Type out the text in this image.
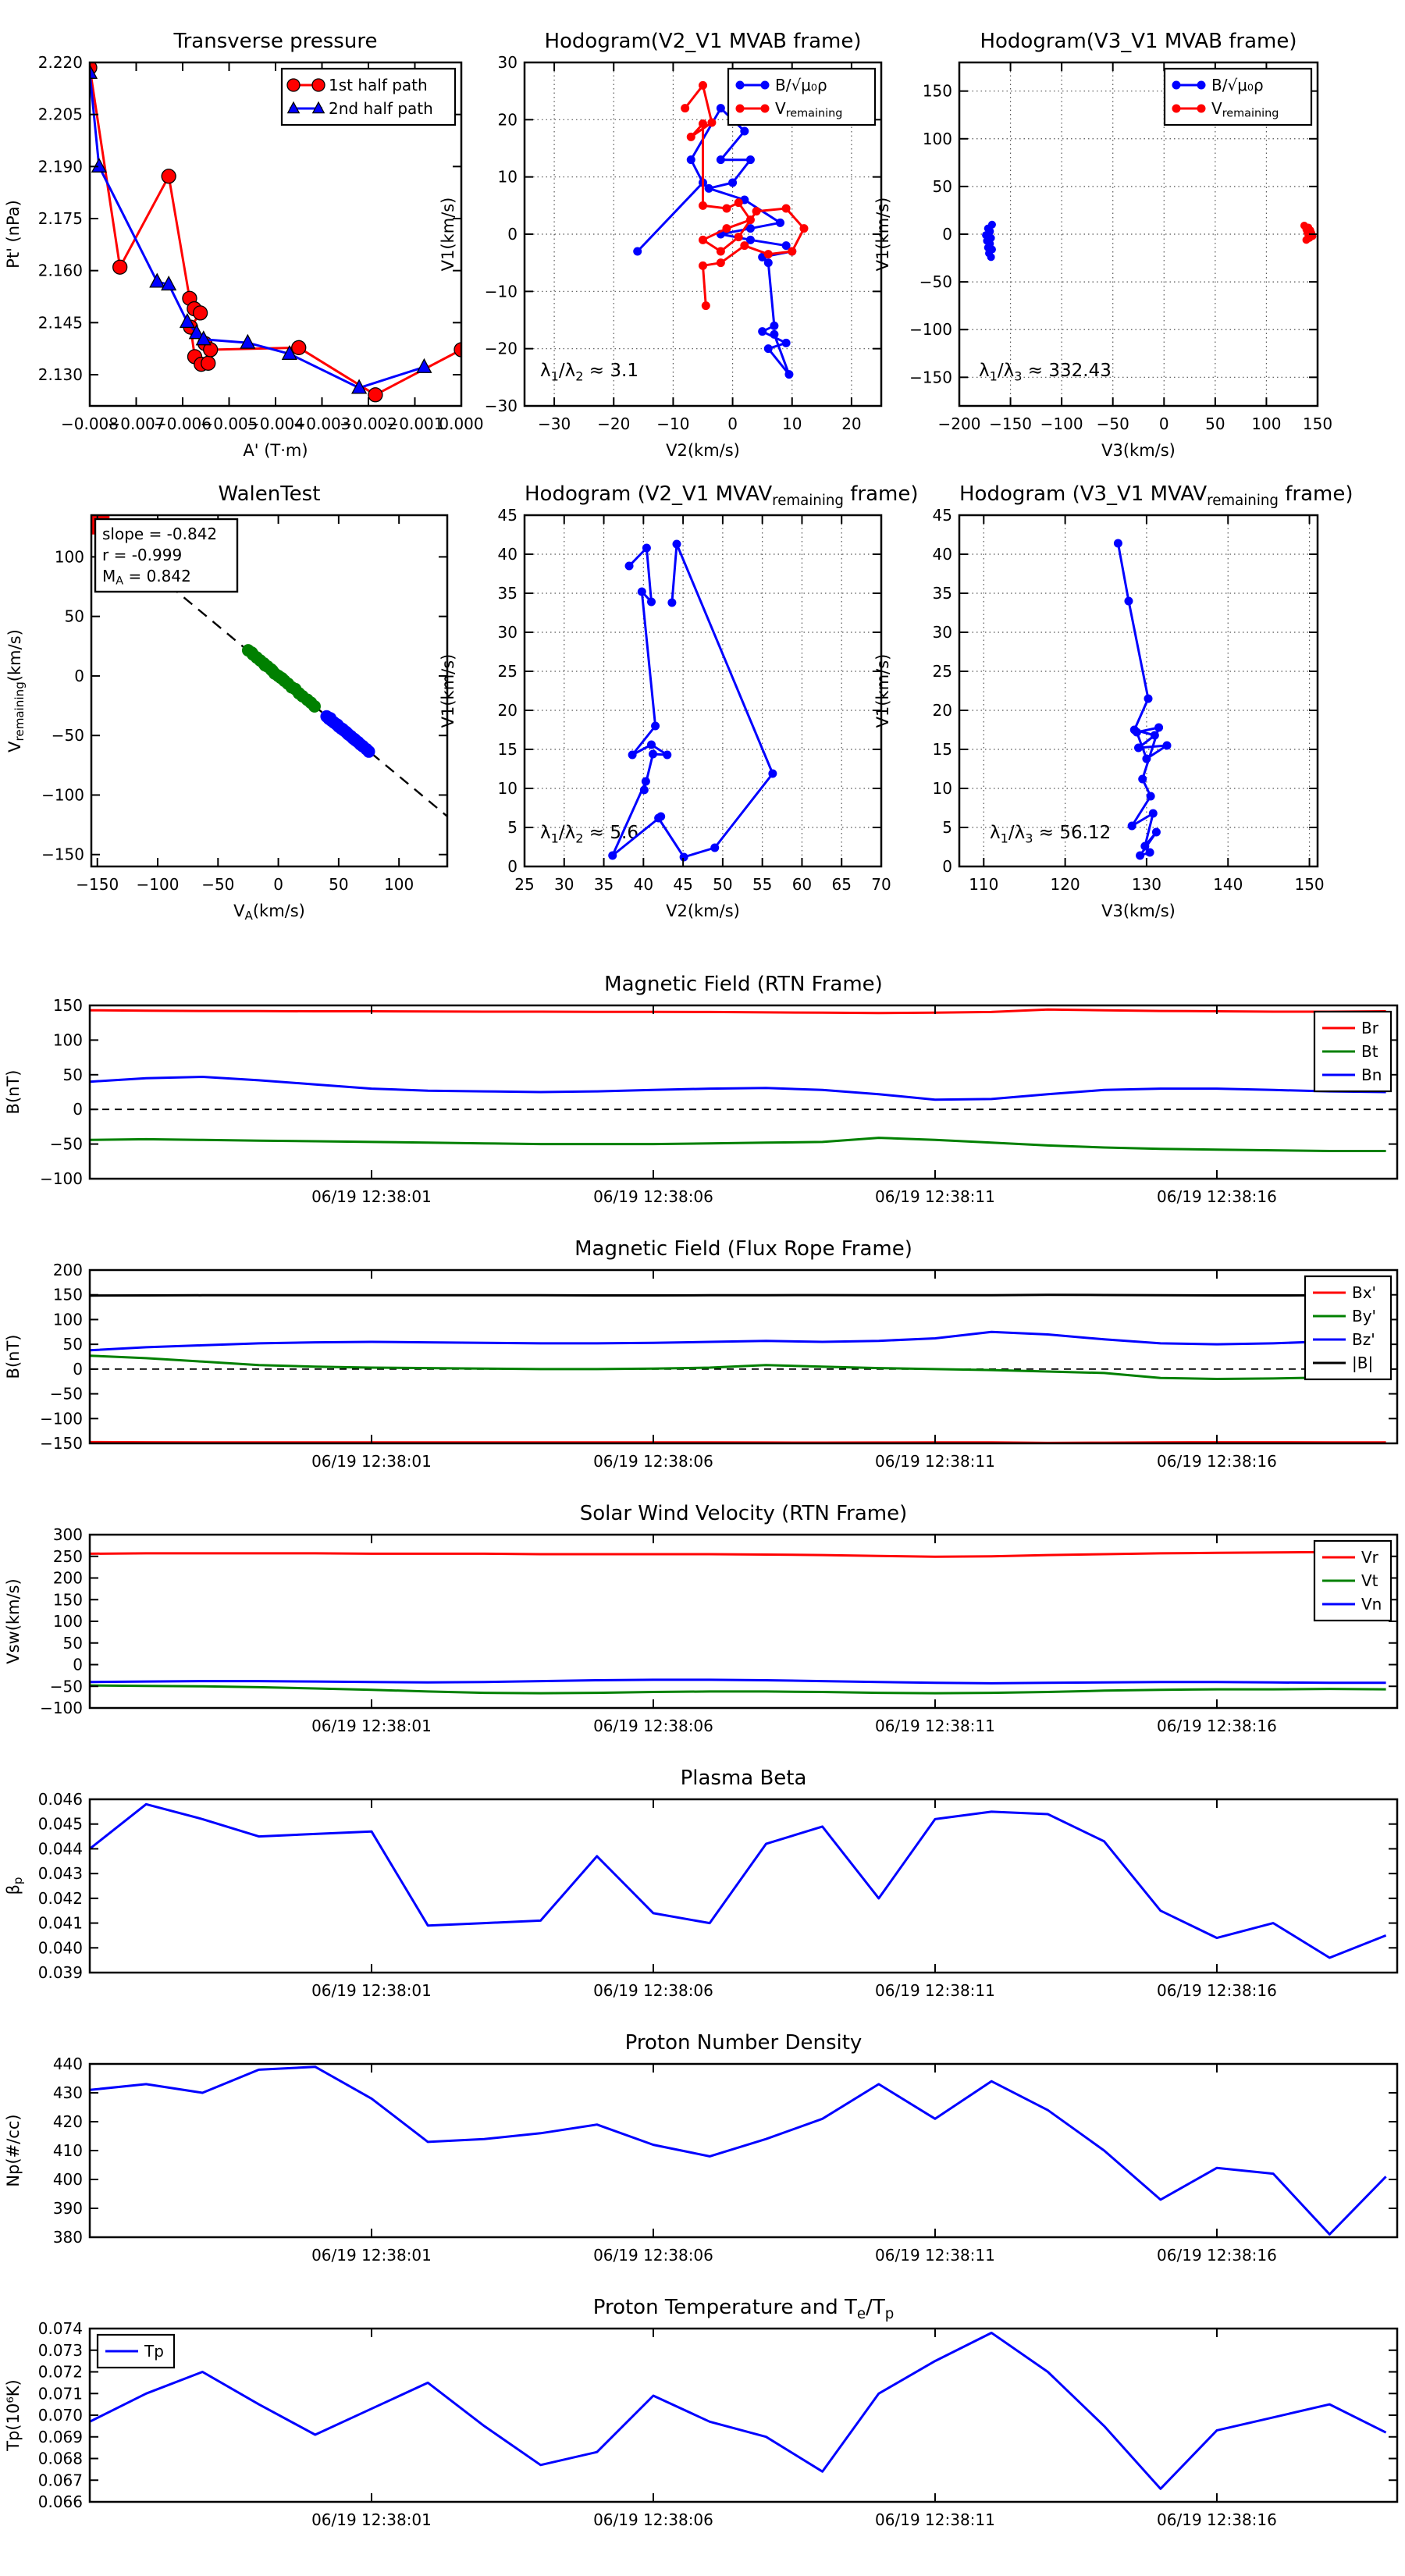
Transverse pressure	Hodogram(V2_V1 MVAB frame)	Hodogram(V3_V1 MVAB frame)
WalenTest	Hodogram (V2_V1 $MVAV_{remaining}$ frame) Hodogram (V3_V1 $MVAV_{remaining}$ frame)
Magnetic Field (RTN Frame)
Magnetic Field (Flux Rope Frame)
Solar Wind Velocity (RTN Frame)
Plasma Beta
Proton Number Density
Proton Temperature and $T_e/T_p$
$\lambda_1/\lambda_2 \approx 3.1$	$\lambda_1/\lambda_3 \approx 332.43$
$\lambda_1/\lambda_2 \approx 5.6$	$\lambda_1/\lambda_3 \approx 56.12$
−0.008
−0.007
−0.006
−0.005
−0.004
−0.003
−0.002
−0.001
0.000
2.130
2.145
2.160
2.175
2.190
2.205
2.220
A' (T·m)
Pt' (nPa)
1st half path
2nd half path
−30 −20 −10 0	10	20
−30
−20
−10
0
10
20
30
V2(km/s)
V1(km/s)
B/√μ₀ρ
Vremaining
−200 −150 −100 −50 0 50 100 150
−150
−100
−50
0
50
100
150
V3(km/s)
V1(km/s)
B/√μ₀ρ
Vremaining
−150 −100 −50 0	50 100
−150
−100
−50
0
50
100
VA(km/s)
Vremaining(km/s)
slope = -0.842
r = -0.999
MA = 0.842
25 30 35 40 45 50 55 60 65 70
0
5
10
15
20
25
30
35
40
45
V2(km/s)
V1(km/s)
110	120	130	140	150
0
5
10
15
20
25
30
35
40
45
V3(km/s)
V1(km/s)
06/19 12:38:01	06/19 12:38:06	06/19 12:38:11	06/19 12:38:16
−100
−50
0
50
100
150
B(nT)
Br
Bt
Bn
06/19 12:38:01	06/19 12:38:06	06/19 12:38:11	06/19 12:38:16
−150
−100
−50
0
50
100
150
200
B(nT)
Bx'
By'
Bz'
|B|
06/19 12:38:01	06/19 12:38:06	06/19 12:38:11	06/19 12:38:16
−100
−50
0
50
100
150
200
250
300
Vsw(km/s)
Vr
Vt
Vn
06/19 12:38:01	06/19 12:38:06	06/19 12:38:11	06/19 12:38:16
0.039
0.040
0.041
0.042
0.043
0.044
0.045
0.046
βp
06/19 12:38:01	06/19 12:38:06	06/19 12:38:11	06/19 12:38:16
380
390
400
410
420
430
440
Np(#/cc)
06/19 12:38:01	06/19 12:38:06	06/19 12:38:11	06/19 12:38:16
0.066
0.067
0.068
0.069
0.070
0.071
0.072
0.073
0.074
Tp(10⁶K)
Tp
